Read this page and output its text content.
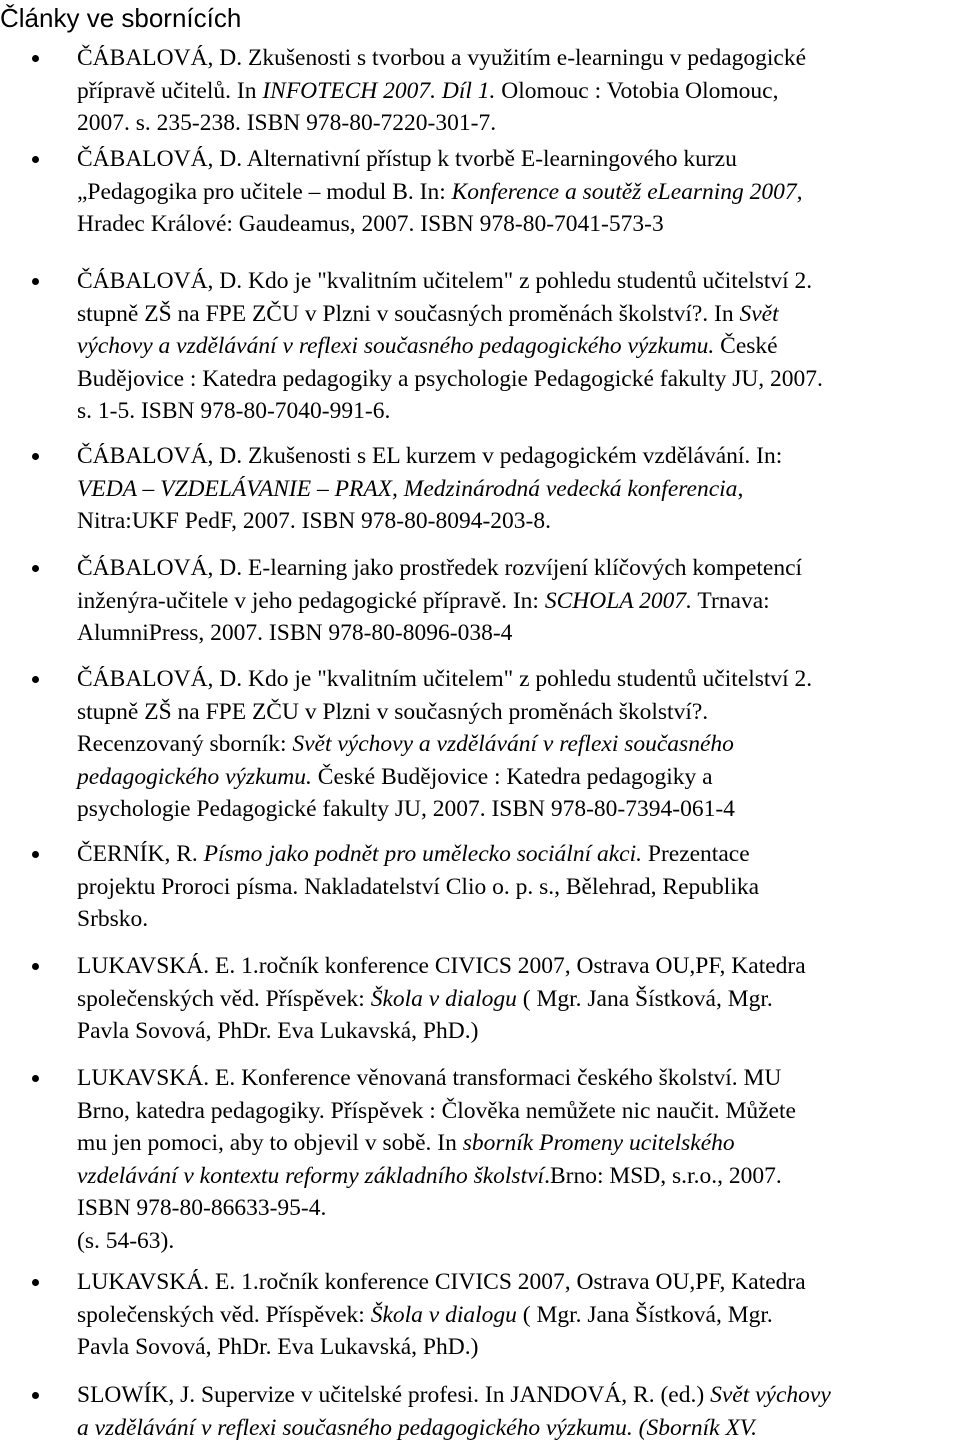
Články ve sbornících
ČÁBALOVÁ, D. Zkušenosti s tvorbou a využitím e-learningu v pedagogické
přípravě učitelů. In INFOTECH 2007. Díl 1. Olomouc : Votobia Olomouc,
2007. s. 235-238. ISBN 978-80-7220-301-7.
ČÁBALOVÁ, D. Alternativní přístup k tvorbě E-learningového kurzu
„Pedagogika pro učitele – modul B. In: Konference a soutěž eLearning 2007,
Hradec Králové: Gaudeamus, 2007. ISBN 978-80-7041-573-3
ČÁBALOVÁ, D. Kdo je "kvalitním učitelem" z pohledu studentů učitelství 2.
stupně ZŠ na FPE ZČU v Plzni v současných proměnách školství?. In Svět
výchovy a vzdělávání v reflexi současného pedagogického výzkumu. České
Budějovice : Katedra pedagogiky a psychologie Pedagogické fakulty JU, 2007.
s. 1-5. ISBN 978-80-7040-991-6.
ČÁBALOVÁ, D. Zkušenosti s EL kurzem v pedagogickém vzdělávání. In:
VEDA – VZDELÁVANIE – PRAX, Medzinárodná vedecká konferencia,
Nitra:UKF PedF, 2007. ISBN 978-80-8094-203-8.
ČÁBALOVÁ, D. E-learning jako prostředek rozvíjení klíčových kompetencí
inženýra-učitele v jeho pedagogické přípravě. In: SCHOLA 2007. Trnava:
AlumniPress, 2007. ISBN 978-80-8096-038-4
ČÁBALOVÁ, D. Kdo je "kvalitním učitelem" z pohledu studentů učitelství 2.
stupně ZŠ na FPE ZČU v Plzni v současných proměnách školství?.
Recenzovaný sborník: Svět výchovy a vzdělávání v reflexi současného
pedagogického výzkumu. České Budějovice : Katedra pedagogiky a
psychologie Pedagogické fakulty JU, 2007. ISBN 978-80-7394-061-4
ČERNÍK, R. Písmo jako podnět pro umělecko sociální akci. Prezentace
projektu Proroci písma. Nakladatelství Clio o. p. s., Bělehrad, Republika
Srbsko.
LUKAVSKÁ. E. 1.ročník konference CIVICS 2007, Ostrava OU,PF, Katedra
společenských věd. Příspěvek: Škola v dialogu ( Mgr. Jana Šístková, Mgr.
Pavla Sovová, PhDr. Eva Lukavská, PhD.)
LUKAVSKÁ. E. Konference věnovaná transformaci českého školství. MU
Brno, katedra pedagogiky. Příspěvek : Člověka nemůžete nic naučit. Můžete
mu jen pomoci, aby to objevil v sobě. In sborník Promeny ucitelského
vzdelávání v kontextu reformy základního školství.Brno: MSD, s.r.o., 2007.
ISBN 978-80-86633-95-4.
(s. 54-63).
LUKAVSKÁ. E. 1.ročník konference CIVICS 2007, Ostrava OU,PF, Katedra
společenských věd. Příspěvek: Škola v dialogu ( Mgr. Jana Šístková, Mgr.
Pavla Sovová, PhDr. Eva Lukavská, PhD.)
SLOWÍK, J. Supervize v učitelské profesi. In JANDOVÁ, R. (ed.) Svět výchovy
a vzdělávání v reflexi současného pedagogického výzkumu. (Sborník XV.
